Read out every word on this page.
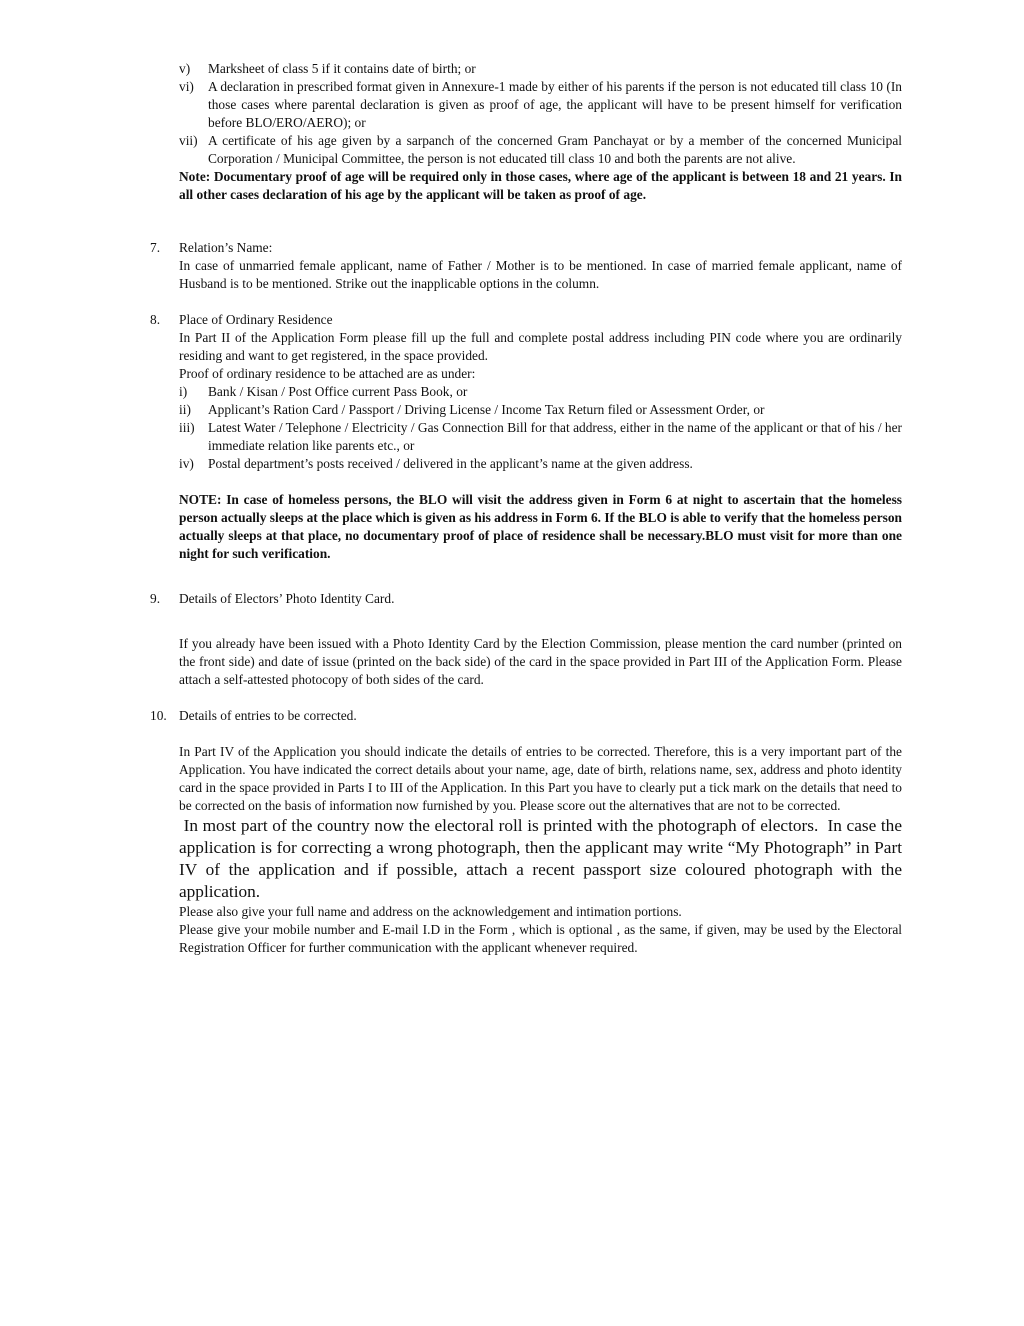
v) Marksheet of class 5 if it contains date of birth; or
vi) A declaration in prescribed format given in Annexure-1 made by either of his parents if the person is not educated till class 10 (In those cases where parental declaration is given as proof of age, the applicant will have to be present himself for verification before BLO/ERO/AERO); or
vii) A certificate of his age given by a sarpanch of the concerned Gram Panchayat or by a member of the concerned Municipal Corporation / Municipal Committee, the person is not educated till class 10 and both the parents are not alive.

Note: Documentary proof of age will be required only in those cases, where age of the applicant is between 18 and 21 years. In all other cases declaration of his age by the applicant will be taken as proof of age.

7. Relation’s Name:

In case of unmarried female applicant, name of Father / Mother is to be mentioned. In case of married female applicant, name of Husband is to be mentioned. Strike out the inapplicable options in the column.

8. Place of Ordinary Residence

In Part II of the Application Form please fill up the full and complete postal address including PIN code where you are ordinarily residing and want to get registered, in the space provided.

Proof of ordinary residence to be attached are as under:

i) Bank / Kisan / Post Office current Pass Book, or
ii) Applicant’s Ration Card / Passport / Driving License / Income Tax Return filed or Assessment Order, or
iii) Latest Water / Telephone / Electricity / Gas Connection Bill for that address, either in the name of the applicant or that of his / her immediate relation like parents etc., or
iv) Postal department’s posts received / delivered in the applicant’s name at the given address.

NOTE: In case of homeless persons, the BLO will visit the address given in Form 6 at night to ascertain that the homeless person actually sleeps at the place which is given as his address in Form 6. If the BLO is able to verify that the homeless person actually sleeps at that place, no documentary proof of place of residence shall be necessary.BLO must visit for more than one night for such verification.

9. Details of Electors’ Photo Identity Card.

If you already have been issued with a Photo Identity Card by the Election Commission, please mention the card number (printed on the front side) and date of issue (printed on the back side) of the card in the space provided in Part III of the Application Form. Please attach a self-attested photocopy of both sides of the card.

10. Details of entries to be corrected.

In Part IV of the Application you should indicate the details of entries to be corrected. Therefore, this is a very important part of the Application. You have indicated the correct details about your name, age, date of birth, relations name, sex, address and photo identity card in the space provided in Parts I to III of the Application. In this Part you have to clearly put a tick mark on the details that need to be corrected on the basis of information now furnished by you. Please score out the alternatives that are not to be corrected.

In most part of the country now the electoral roll is printed with the photograph of electors.  In case the application is for correcting a wrong photograph, then the applicant may write “My Photograph” in Part IV of the application and if possible, attach a recent passport size coloured photograph with the application.

Please also give your full name and address on the acknowledgement and intimation portions.

Please give your mobile number and E-mail I.D in the Form , which is optional , as the same, if given, may be used by the Electoral Registration Officer for further communication with the applicant whenever required.
